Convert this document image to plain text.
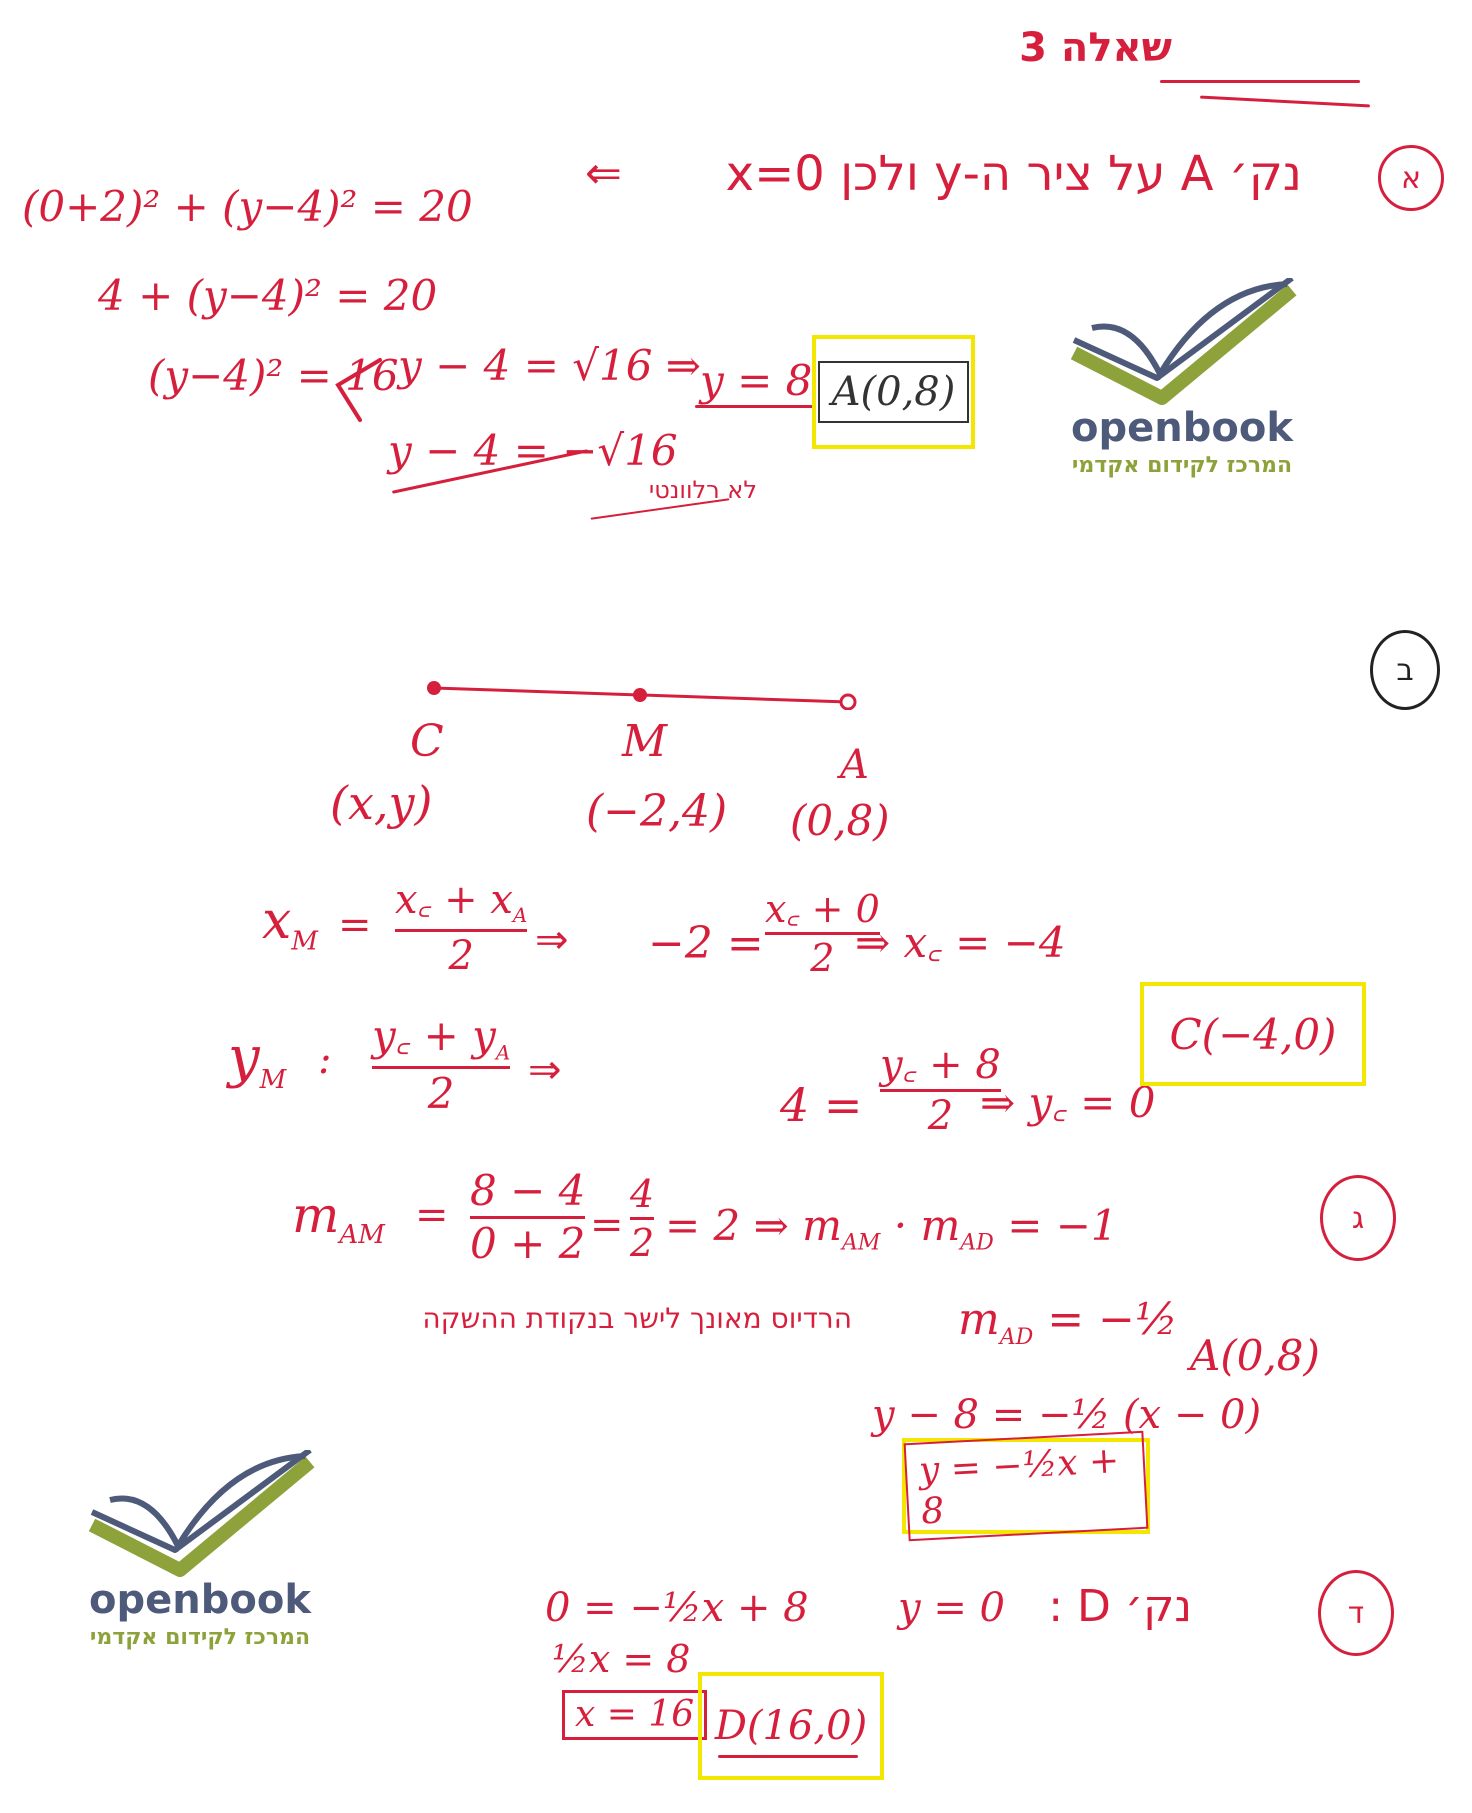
שאלה 3
א
נק׳ A על ציר ה-y ולכן x=0
⇐
(0+2)² + (y−4)² = 20
4 + (y−4)² = 20
(y−4)² = 16 y − 4 = √16 ⇒ y = 8
y − 4 = −√16
לא רלוונטי
A(0,8)
openbook
המרכז לקידום אקדמי
ב
C
(x,y)
M
(−2,4)
A
(0,8)
$x_M$ =
x꜀ + $x_A$
2 ⇒ −2 =
x꜀ + 0
2 ⇒ x꜀ = −4
$y_M$ : y꜀ + $y_A$
2 ⇒
4 =
y꜀ + 8
2 ⇒ y꜀ = 0
C(−4,0)
ג
$m_{AM} = 8 - 4$
0 + 2 =
4
2 = 2 ⇒ $m_{AM} \cdot m_{AD} = -1$
הרדיוס מאונך לישר בנקודת ההשקה $m_{AD}$ = −½
A(0,8)
y − 8 = −½ (x − 0)
y = −½x + 8
openbook
המרכז לקידום אקדמי
ד
נק׳ D :
y = 0
0 = −½x + 8
½x = 8
x = 16 D(16,0)
